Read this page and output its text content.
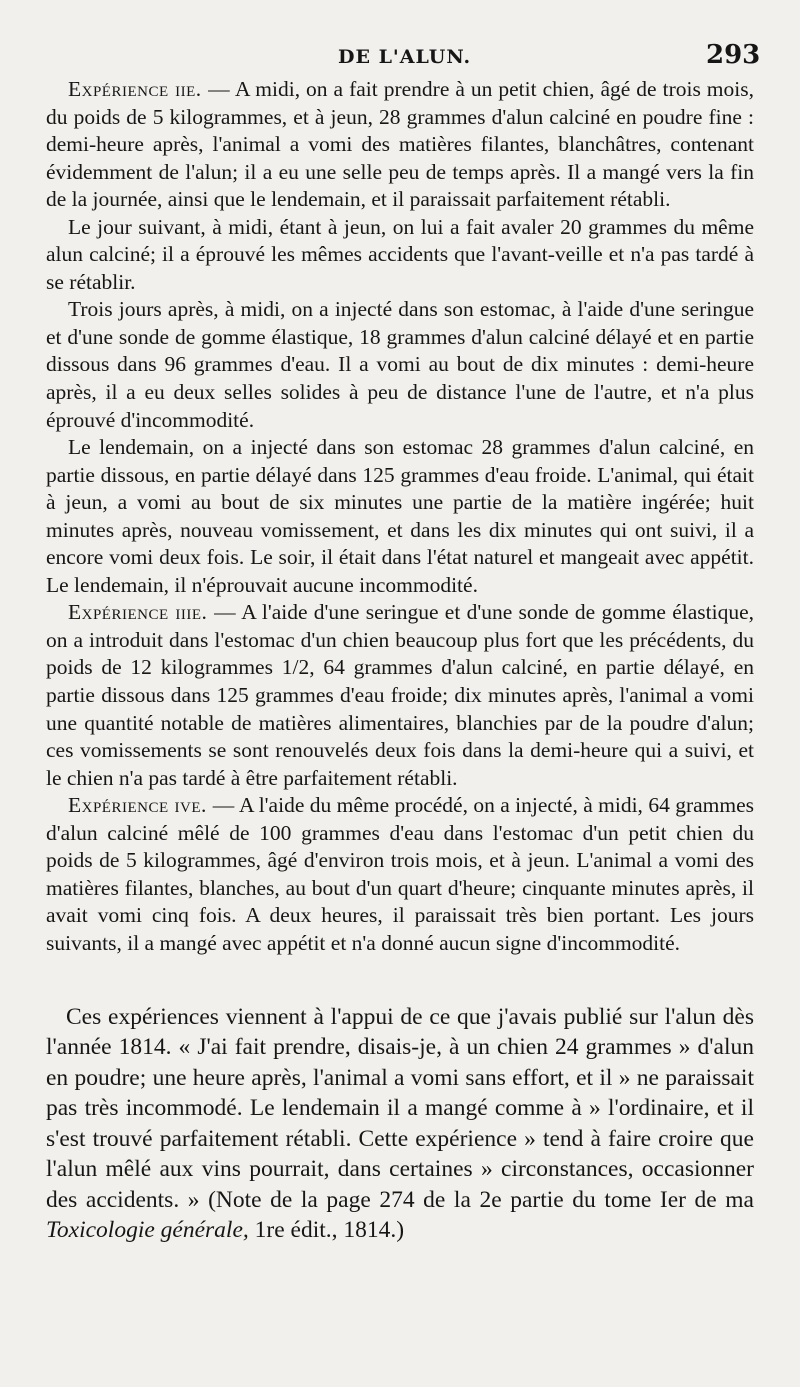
DE L'ALUN.	293

Expérience iie. — A midi, on a fait prendre à un petit chien, âgé de trois mois, du poids de 5 kilogrammes, et à jeun, 28 grammes d'alun calciné en poudre fine : demi-heure après, l'animal a vomi des matières filantes, blanchâtres, contenant évidemment de l'alun; il a eu une selle peu de temps après. Il a mangé vers la fin de la journée, ainsi que le lendemain, et il paraissait parfaitement rétabli.

Le jour suivant, à midi, étant à jeun, on lui a fait avaler 20 grammes du même alun calciné; il a éprouvé les mêmes accidents que l'avant-veille et n'a pas tardé à se rétablir.

Trois jours après, à midi, on a injecté dans son estomac, à l'aide d'une seringue et d'une sonde de gomme élastique, 18 grammes d'alun calciné délayé et en partie dissous dans 96 grammes d'eau. Il a vomi au bout de dix minutes : demi-heure après, il a eu deux selles solides à peu de distance l'une de l'autre, et n'a plus éprouvé d'incommodité.

Le lendemain, on a injecté dans son estomac 28 grammes d'alun calciné, en partie dissous, en partie délayé dans 125 grammes d'eau froide. L'animal, qui était à jeun, a vomi au bout de six minutes une partie de la matière ingérée; huit minutes après, nouveau vomissement, et dans les dix minutes qui ont suivi, il a encore vomi deux fois. Le soir, il était dans l'état naturel et mangeait avec appétit. Le lendemain, il n'éprouvait aucune incommodité.

Expérience iiie. — A l'aide d'une seringue et d'une sonde de gomme élastique, on a introduit dans l'estomac d'un chien beaucoup plus fort que les précédents, du poids de 12 kilogrammes 1/2, 64 grammes d'alun calciné, en partie délayé, en partie dissous dans 125 grammes d'eau froide; dix minutes après, l'animal a vomi une quantité notable de matières alimentaires, blanchies par de la poudre d'alun; ces vomissements se sont renouvelés deux fois dans la demi-heure qui a suivi, et le chien n'a pas tardé à être parfaitement rétabli.

Expérience ive. — A l'aide du même procédé, on a injecté, à midi, 64 grammes d'alun calciné mêlé de 100 grammes d'eau dans l'estomac d'un petit chien du poids de 5 kilogrammes, âgé d'environ trois mois, et à jeun. L'animal a vomi des matières filantes, blanches, au bout d'un quart d'heure; cinquante minutes après, il avait vomi cinq fois. A deux heures, il paraissait très bien portant. Les jours suivants, il a mangé avec appétit et n'a donné aucun signe d'incommodité.

Ces expériences viennent à l'appui de ce que j'avais publié sur l'alun dès l'année 1814. « J'ai fait prendre, disais-je, à un chien 24 grammes » d'alun en poudre; une heure après, l'animal a vomi sans effort, et il » ne paraissait pas très incommodé. Le lendemain il a mangé comme à » l'ordinaire, et il s'est trouvé parfaitement rétabli. Cette expérience » tend à faire croire que l'alun mêlé aux vins pourrait, dans certaines » circonstances, occasionner des accidents. » (Note de la page 274 de la 2e partie du tome Ier de ma Toxicologie générale, 1re édit., 1814.)
